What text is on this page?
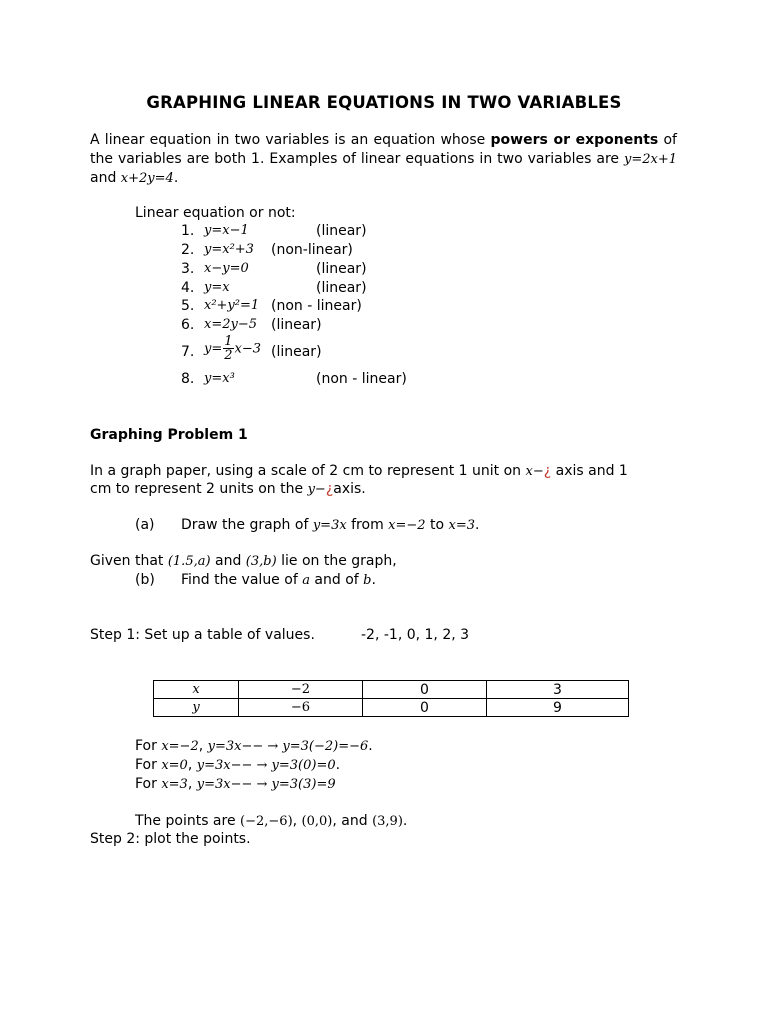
GRAPHING LINEAR EQUATIONS IN TWO VARIABLES
A linear equation in two variables is an equation whose powers or exponents of the variables are both 1. Examples of linear equations in two variables are y=2x+1 and x+2y=4.
Linear equation or not:
1. y=x−1	(linear)
2. y=x²+3 (non-linear)
3. x−y=0	(linear)
4. y=x	(linear)
5. x²+y²=1 (non - linear)
6. x=2y−5 (linear)
7. $y= \frac{1}{2} x-3$ (linear)
8. y=x³	(non - linear)
Graphing Problem 1
In a graph paper, using a scale of 2 cm to represent 1 unit on x−¿ axis and 1
cm to represent 2 units on the y−¿axis.
(a) Draw the graph of y=3x from x=−2 to x=3.
Given that (1.5,a) and (3,b) lie on the graph,
(b) Find the value of a and of b.
Step 1: Set up a table of values.	-2, -1, 0, 1, 2, 3
x	−2	0	3
y	−6	0	9
For x=−2, y=3x−− → y=3(−2)=−6.
For x=0, y=3x−− → y=3(0)=0.
For x=3, y=3x−− → y=3(3)=9
The points are (−2,−6), (0,0), and (3,9).
Step 2: plot the points.
